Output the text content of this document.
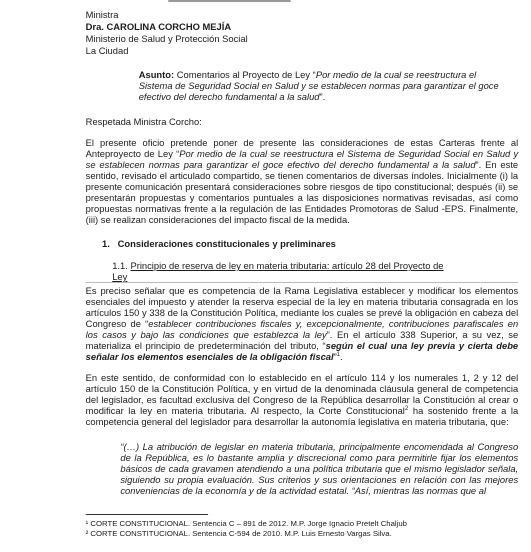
Ministra
Dra. CAROLINA CORCHO MEJÍA
Ministerio de Salud y Protección Social
La Ciudad
Asunto: Comentarios al Proyecto de Ley “Por medio de la cual se reestructura el Sistema de Seguridad Social en Salud y se establecen normas para garantizar el goce efectivo del derecho fundamental a la salud”.
Respetada Ministra Corcho:
El presente oficio pretende poner de presente las consideraciones de estas Carteras frente al Anteproyecto de Ley “Por medio de la cual se reestructura el Sistema de Seguridad Social en Salud y se establecen normas para garantizar el goce efectivo del derecho fundamental a la salud”. En este sentido, revisado el articulado compartido, se tienen comentarios de diversas índoles. Inicialmente (i) la presente comunicación presentará consideraciones sobre riesgos de tipo constitucional; después (ii) se presentarán propuestas y comentarios puntuales a las disposiciones normativas revisadas, así como propuestas normativas frente a la regulación de las Entidades Promotoras de Salud -EPS. Finalmente, (iii) se realizan consideraciones del impacto fiscal de la medida.
1. Consideraciones constitucionales y preliminares
1.1. Principio de reserva de ley en materia tributaria: artículo 28 del Proyecto de Ley
Es preciso señalar que es competencia de la Rama Legislativa establecer y modificar los elementos esenciales del impuesto y atender la reserva especial de la ley en materia tributaria consagrada en los artículos 150 y 338 de la Constitución Política, mediante los cuales se prevé la obligación en cabeza del Congreso de “establecer contribuciones fiscales y, excepcionalmente, contribuciones parafiscales en los casos y bajo las condiciones que establezca la ley”. En el artículo 338 Superior, a su vez, se materializa el principio de predeterminación del tributo, “según el cual una ley previa y cierta debe señalar los elementos esenciales de la obligación fiscal”$^1$.
En este sentido, de conformidad con lo establecido en el artículo 114 y los numerales 1, 2 y 12 del artículo 150 de la Constitución Política, y en virtud de la denominada cláusula general de competencia del legislador, es facultad exclusiva del Congreso de la República desarrollar la Constitución al crear o modificar la ley en materia tributaria. Al respecto, la Corte Constitucional$^2$ ha sostenido frente a la competencia general del legislador para desarrollar la autonomía legislativa en materia tributaria, que:
“(…) La atribución de legislar en materia tributaria, principalmente encomendada al Congreso de la República, es lo bastante amplia y discrecional como para permitirle fijar los elementos básicos de cada gravamen atendiendo a una política tributaria que el mismo legislador señala, siguiendo su propia evaluación. Sus criterios y sus orientaciones en relación con las mejores conveniencias de la economía y de la actividad estatal. “Así, mientras las normas que al
¹ CORTE CONSTITUCIONAL. Sentencia C – 891 de 2012. M.P. Jorge Ignacio Pretelt Chaljub
² CORTE CONSTITUCIONAL. Sentencia C-594 de 2010. M.P. Luis Ernesto Vargas Silva.
